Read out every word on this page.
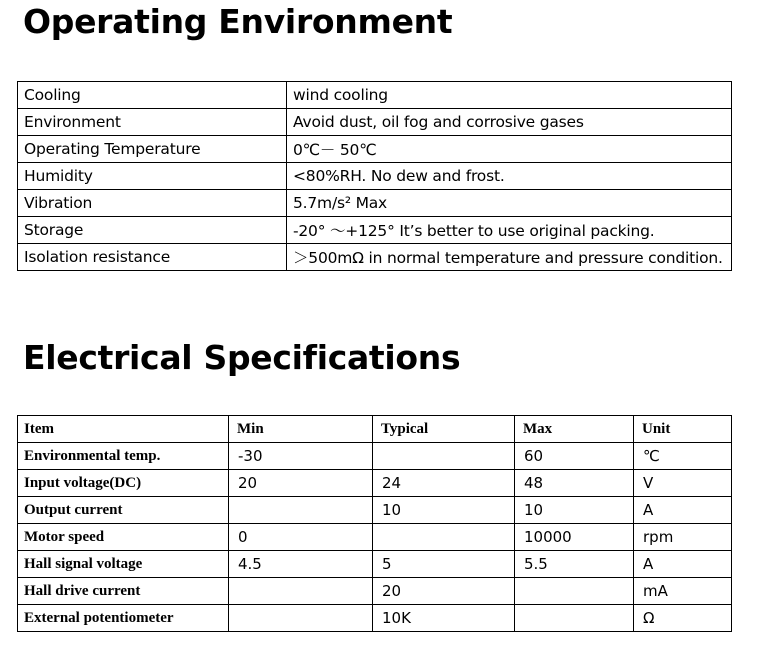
Operating Environment
Cooling	wind cooling
Environment	Avoid dust, oil fog and corrosive gases
Operating Temperature	0℃－ 50℃
Humidity	<80%RH. No dew and frost.
Vibration	5.7m/s² Max
Storage	-20° ～+125° It’s better to use original packing.
Isolation resistance	＞500mΩ in normal temperature and pressure condition.
Electrical Specifications
Item	Min	Typical	Max	Unit
Environmental temp.	-30		60	℃
Input voltage(DC)	20	24	48	V
Output current		10	10	A
Motor speed	0		10000	rpm
Hall signal voltage	4.5	5	5.5	A
Hall drive current		20		mA
External potentiometer		10K		Ω
